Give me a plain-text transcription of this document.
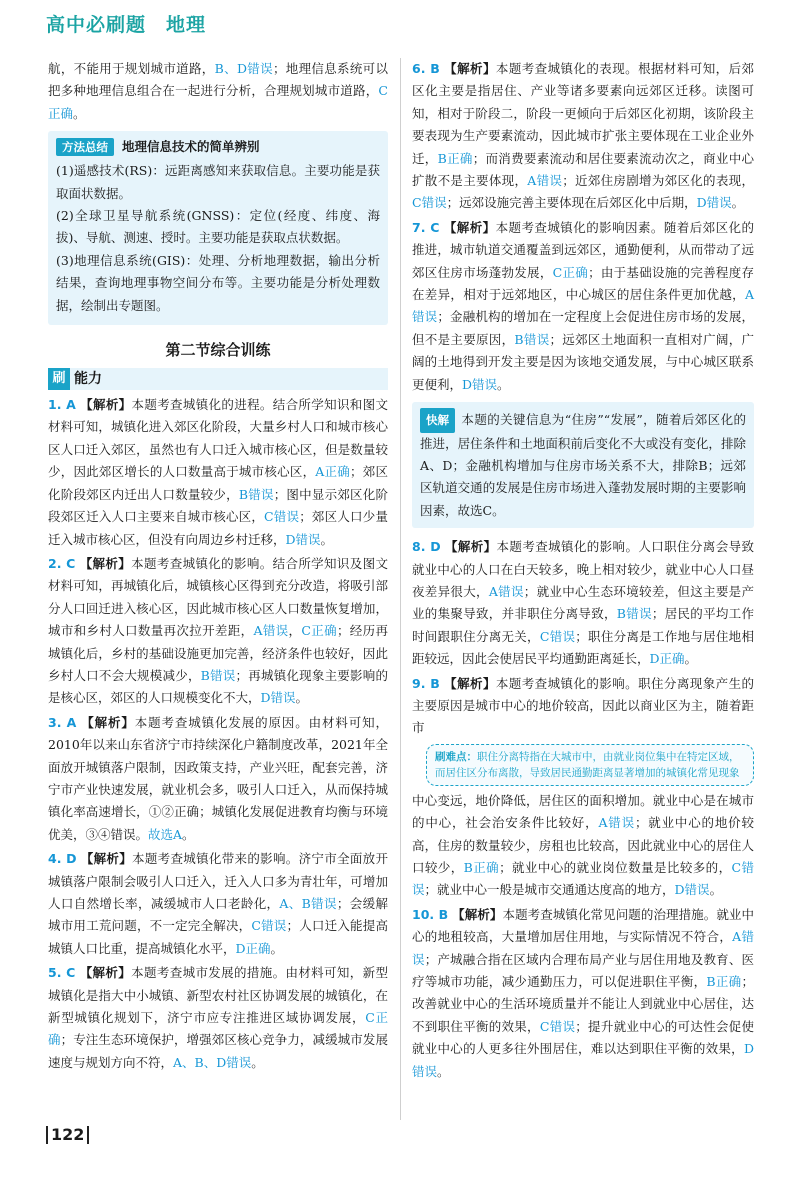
高中必刷题　地理

航，不能用于规划城市道路，B、D错误；地理信息系统可以把多种地理信息组合在一起进行分析，合理规划城市道路，C正确。

方法总结 地理信息技术的简单辨别

(1)遥感技术(RS)：远距离感知来获取信息。主要功能是获取面状数据。

(2)全球卫星导航系统(GNSS)：定位(经度、纬度、海拔)、导航、测速、授时。主要功能是获取点状数据。

(3)地理信息系统(GIS)：处理、分析地理数据，输出分析结果，查询地理事物空间分布等。主要功能是分析处理数据，绘制出专题图。

第二节综合训练
刷 能力

1. A 【解析】本题考查城镇化的进程。结合所学知识和图文材料可知，城镇化进入郊区化阶段，大量乡村人口和城市核心区人口迁入郊区，虽然也有人口迁入城市核心区，但是数量较少，因此郊区增长的人口数量高于城市核心区，A正确；郊区化阶段郊区内迁出人口数量较少，B错误；图中显示郊区化阶段郊区迁入人口主要来自城市核心区，C错误；郊区人口少量迁入城市核心区，但没有向周边乡村迁移，D错误。

2. C 【解析】本题考查城镇化的影响。结合所学知识及图文材料可知，再城镇化后，城镇核心区得到充分改造，将吸引部分人口回迁进入核心区，因此城市核心区人口数量恢复增加，城市和乡村人口数量再次拉开差距，A错误，C正确；经历再城镇化后，乡村的基础设施更加完善，经济条件也较好，因此乡村人口不会大规模减少，B错误；再城镇化现象主要影响的是核心区，郊区的人口规模变化不大，D错误。

3. A 【解析】本题考查城镇化发展的原因。由材料可知，2010年以来山东省济宁市持续深化户籍制度改革，2021年全面放开城镇落户限制，因政策支持，产业兴旺，配套完善，济宁市产业快速发展，就业机会多，吸引人口迁入，从而保持城镇化率高速增长，①②正确；城镇化发展促进教育均衡与环境优美，③④错误。故选A。

4. D 【解析】本题考查城镇化带来的影响。济宁市全面放开城镇落户限制会吸引人口迁入，迁入人口多为青壮年，可增加人口自然增长率，减缓城市人口老龄化，A、B错误；会缓解城市用工荒问题，不一定完全解决，C错误；人口迁入能提高城镇人口比重，提高城镇化水平，D正确。

5. C 【解析】本题考查城市发展的措施。由材料可知，新型城镇化是指大中小城镇、新型农村社区协调发展的城镇化，在新型城镇化规划下，济宁市应专注推进区域协调发展，C正确；专注生态环境保护，增强郊区核心竞争力，减缓城市发展速度与规划方向不符，A、B、D错误。

6. B 【解析】本题考查城镇化的表现。根据材料可知，后郊区化主要是指居住、产业等诸多要素向远郊区迁移。读图可知，相对于阶段二，阶段一更倾向于后郊区化初期，该阶段主要表现为生产要素流动，因此城市扩张主要体现在工业企业外迁，B正确；而消费要素流动和居住要素流动次之，商业中心扩散不是主要体现，A错误；近郊住房剧增为郊区化的表现，C错误；远郊设施完善主要体现在后郊区化中后期，D错误。

7. C 【解析】本题考查城镇化的影响因素。随着后郊区化的推进，城市轨道交通覆盖到远郊区，通勤便利，从而带动了远郊区住房市场蓬勃发展，C正确；由于基础设施的完善程度存在差异，相对于远郊地区，中心城区的居住条件更加优越，A错误；金融机构的增加在一定程度上会促进住房市场的发展，但不是主要原因，B错误；远郊区土地面积一直相对广阔，广阔的土地得到开发主要是因为该地交通发展，与中心城区联系更便利，D错误。

快解 本题的关键信息为“住房”“发展”，随着后郊区化的推进，居住条件和土地面积前后变化不大或没有变化，排除A、D；金融机构增加与住房市场关系不大，排除B；远郊区轨道交通的发展是住房市场进入蓬勃发展时期的主要影响因素，故选C。

8. D 【解析】本题考查城镇化的影响。人口职住分离会导致就业中心的人口在白天较多，晚上相对较少，就业中心人口昼夜差异很大，A错误；就业中心生态环境较差，但这主要是产业的集聚导致，并非职住分离导致，B错误；居民的平均工作时间跟职住分离无关，C错误；职住分离是工作地与居住地相距较远，因此会使居民平均通勤距离延长，D正确。

9. B 【解析】本题考查城镇化的影响。职住分离现象产生的主要原因是城市中心的地价较高，因此以商业区为主，随着距市

刷难点：职住分离特指在大城市中，由就业岗位集中在特定区域，而居住区分布离散，导致居民通勤距离显著增加的城镇化常见现象

中心变远，地价降低，居住区的面积增加。就业中心是在城市的中心，社会治安条件比较好，A错误；就业中心的地价较高，住房的数量较少，房租也比较高，因此就业中心的居住人口较少，B正确；就业中心的就业岗位数量是比较多的，C错误；就业中心一般是城市交通通达度高的地方，D错误。

10. B 【解析】本题考查城镇化常见问题的治理措施。就业中心的地租较高，大量增加居住用地，与实际情况不符合，A错误；产城融合指在区域内合理布局产业与居住用地及教育、医疗等城市功能，减少通勤压力，可以促进职住平衡，B正确；改善就业中心的生活环境质量并不能让人到就业中心居住，达不到职住平衡的效果，C错误；提升就业中心的可达性会促使就业中心的人更多往外围居住，难以达到职住平衡的效果，D错误。

122
